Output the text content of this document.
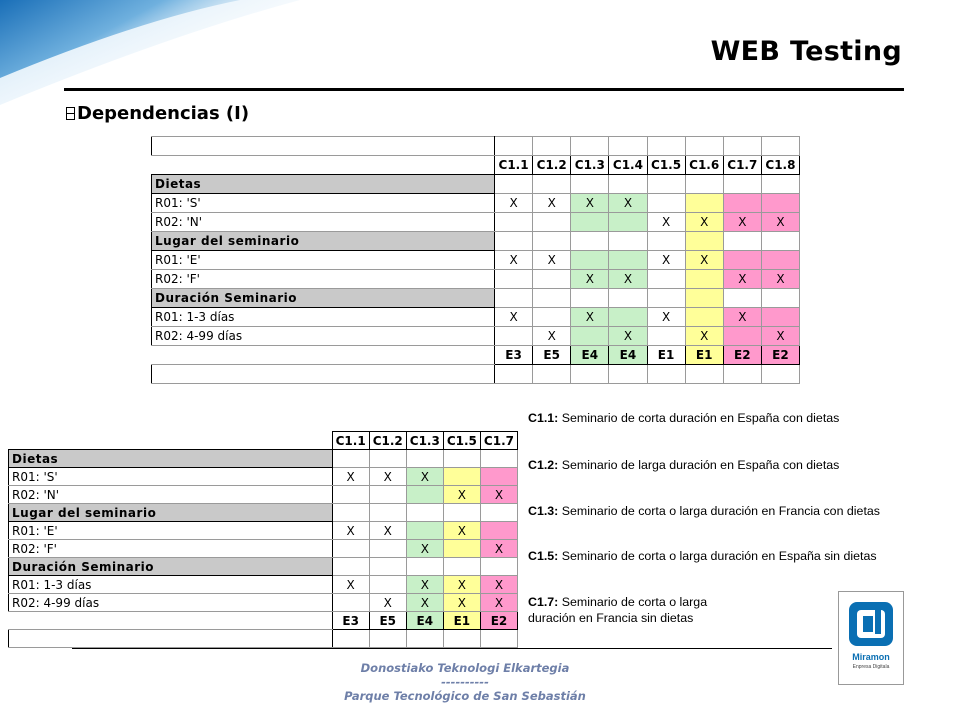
WEB Testing
Dependencias (I)

	C1.1	C1.2	C1.3	C1.4	C1.5	C1.6	C1.7	C1.8
Dietas								
R01: 'S'	X	X	X	X				
R02: 'N'					X	X	X	X
Lugar del seminario								
R01: 'E'	X	X			X	X		
R02: 'F'			X	X			X	X
Duración Seminario								
R01: 1-3 días	X		X		X		X	
R02: 4-99 días		X		X		X		X
	E3	E5	E4	E4	E1	E1	E2	E2

	C1.1	C1.2	C1.3	C1.5	C1.7
Dietas					
R01: 'S'	X	X	X		
R02: 'N'				X	X
Lugar del seminario					
R01: 'E'	X	X		X	
R02: 'F'			X		X
Duración Seminario					
R01: 1-3 días	X		X	X	X
R02: 4-99 días		X	X	X	X
	E3	E5	E4	E1	E2

C1.1: Seminario de corta duración en España con dietas
C1.2: Seminario de larga duración en España con dietas
C1.3: Seminario de corta o larga duración en Francia con dietas
C1.5: Seminario de corta o larga duración en España sin dietas
C1.7: Seminario de corta o larga
duración en Francia sin dietas
Miramon
Enpresa Digitala
Donostiako Teknologi Elkartegia
----------
Parque Tecnológico de San Sebastián
